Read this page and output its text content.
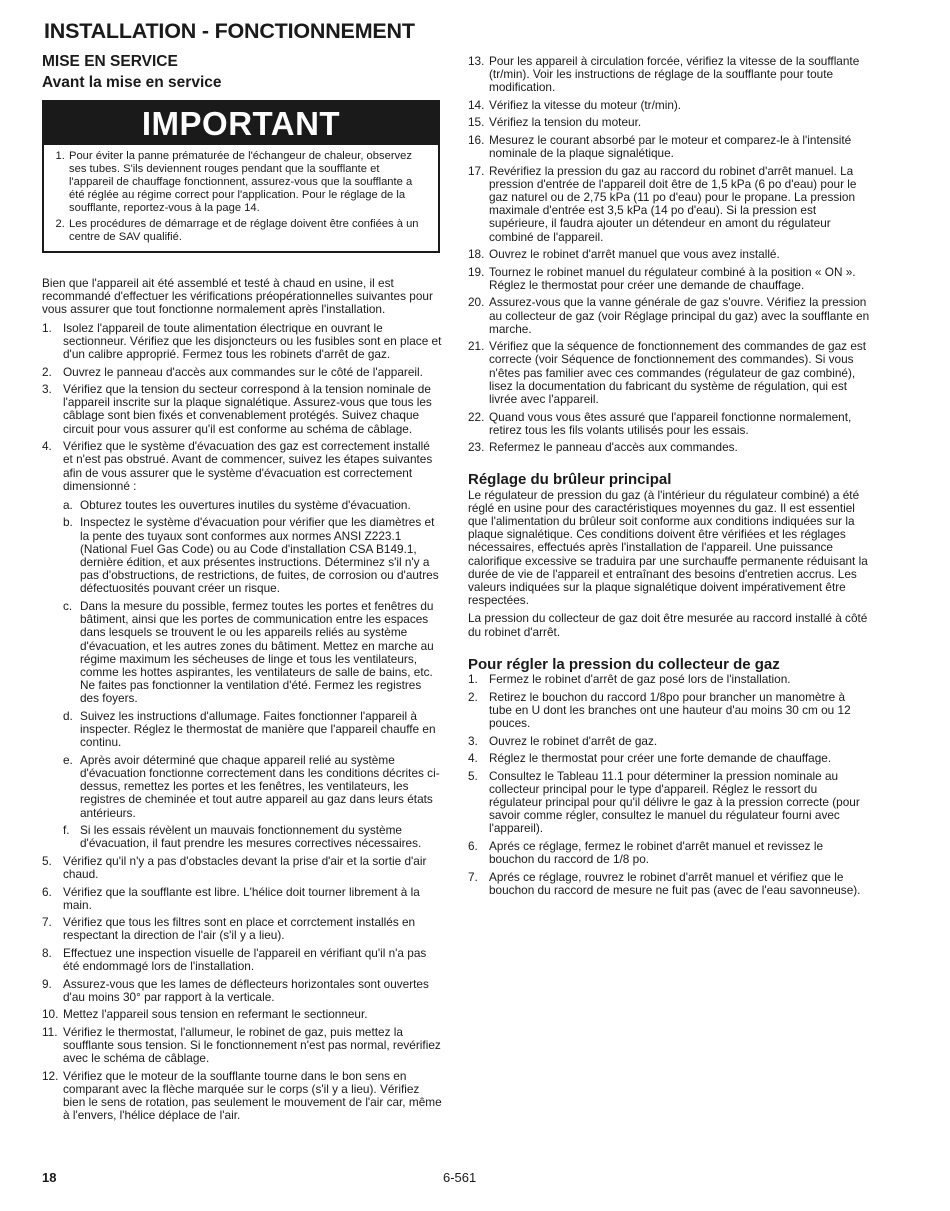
INSTALLATION - FONCTIONNEMENT
MISE EN SERVICE
Avant la mise en service
IMPORTANT
1. Pour éviter la panne prématurée de l'échangeur de chaleur, observez ses tubes. S'ils deviennent rouges pendant que la soufflante et l'appareil de chauffage fonctionnent, assurez-vous que la soufflante a été réglée au régime correct pour l'application. Pour le réglage de la soufflante, reportez-vous à la page 14.
2. Les procédures de démarrage et de réglage doivent être confiées à un centre de SAV qualifié.

Bien que l'appareil ait été assemblé et testé à chaud en usine, il est recommandé d'effectuer les vérifications préopérationnelles suivantes pour vous assurer que tout fonctionne normalement après l'installation.

1. Isolez l'appareil de toute alimentation électrique en ouvrant le sectionneur. Vérifiez que les disjoncteurs ou les fusibles sont en place et d'un calibre approprié. Fermez tous les robinets d'arrêt de gaz.
2. Ouvrez le panneau d'accès aux commandes sur le côté de l'appareil.
3. Vérifiez que la tension du secteur correspond à la tension nominale de l'appareil inscrite sur la plaque signalétique. Assurez-vous que tous les câblage sont bien fixés et convenablement protégés. Suivez chaque circuit pour vous assurer qu'il est conforme au schéma de câblage.
4. Vérifiez que le système d'évacuation des gaz est correctement installé et n'est pas obstrué. Avant de commencer, suivez les étapes suivantes afin de vous assurer que le système d'évacuation est correctement dimensionné :
a. Obturez toutes les ouvertures inutiles du système d'évacuation.
b. Inspectez le système d'évacuation pour vérifier que les diamètres et la pente des tuyaux sont conformes aux normes ANSI Z223.1 (National Fuel Gas Code) ou au Code d'installation CSA B149.1, dernière édition, et aux présentes instructions. Déterminez s'il n'y a pas d'obstructions, de restrictions, de fuites, de corrosion ou d'autres défectuosités pouvant créer un risque.
c. Dans la mesure du possible, fermez toutes les portes et fenêtres du bâtiment, ainsi que les portes de communication entre les espaces dans lesquels se trouvent le ou les appareils reliés au système d'évacuation, et les autres zones du bâtiment. Mettez en marche au régime maximum les sécheuses de linge et tous les ventilateurs, comme les hottes aspirantes, les ventilateurs de salle de bains, etc. Ne faites pas fonctionner la ventilation d'été. Fermez les registres des foyers.
d. Suivez les instructions d'allumage. Faites fonctionner l'appareil à inspecter. Réglez le thermostat de manière que l'appareil chauffe en continu.
e. Après avoir déterminé que chaque appareil relié au système d'évacuation fonctionne correctement dans les conditions décrites ci-dessus, remettez les portes et les fenêtres, les ventilateurs, les registres de cheminée et tout autre appareil au gaz dans leurs états antérieurs.
f. Si les essais révèlent un mauvais fonctionnement du système d'évacuation, il faut prendre les mesures correctives nécessaires.
5. Vérifiez qu'il n'y a pas d'obstacles devant la prise d'air et la sortie d'air chaud.
6. Vérifiez que la soufflante est libre. L'hélice doit tourner librement à la main.
7. Vérifiez que tous les filtres sont en place et corrctement installés en respectant la direction de l'air (s'il y a lieu).
8. Effectuez une inspection visuelle de l'appareil en vérifiant qu'il n'a pas été endommagé lors de l'installation.
9. Assurez-vous que les lames de déflecteurs horizontales sont ouvertes d'au moins 30° par rapport à la verticale.
10. Mettez l'appareil sous tension en refermant le sectionneur.
11. Vérifiez le thermostat, l'allumeur, le robinet de gaz, puis mettez la soufflante sous tension. Si le fonctionnement n'est pas normal, revérifiez avec le schéma de câblage.
12. Vérifiez que le moteur de la soufflante tourne dans le bon sens en comparant avec la flèche marquée sur le corps (s'il y a lieu). Vérifiez bien le sens de rotation, pas seulement le mouvement de l'air car, même à l'envers, l'hélice déplace de l'air.
13. Pour les appareil à circulation forcée, vérifiez la vitesse de la soufflante (tr/min). Voir les instructions de réglage de la soufflante pour toute modification.
14. Vérifiez la vitesse du moteur (tr/min).
15. Vérifiez la tension du moteur.
16. Mesurez le courant absorbé par le moteur et comparez-le à l'intensité nominale de la plaque signalétique.
17. Revérifiez la pression du gaz au raccord du robinet d'arrêt manuel. La pression d'entrée de l'appareil doit être de 1,5 kPa (6 po d'eau) pour le gaz naturel ou de 2,75 kPa (11 po d'eau) pour le propane. La pression maximale d'entrée est 3,5 kPa (14 po d'eau). Si la pression est supérieure, il faudra ajouter un détendeur en amont du régulateur combiné de l'appareil.
18. Ouvrez le robinet d'arrêt manuel que vous avez installé.
19. Tournez le robinet manuel du régulateur combiné à la position « ON ». Réglez le thermostat pour créer une demande de chauffage.
20. Assurez-vous que la vanne générale de gaz s'ouvre. Vérifiez la pression au collecteur de gaz (voir Réglage principal du gaz) avec la soufflante en marche.
21. Vérifiez que la séquence de fonctionnement des commandes de gaz est correcte (voir Séquence de fonctionnement des commandes). Si vous n'êtes pas familier avec ces commandes (régulateur de gaz combiné), lisez la documentation du fabricant du système de régulation, qui est livrée avec l'appareil.
22. Quand vous vous êtes assuré que l'appareil fonctionne normalement, retirez tous les fils volants utilisés pour les essais.
23. Refermez le panneau d'accès aux commandes.
Réglage du brûleur principal

Le régulateur de pression du gaz (à l'intérieur du régulateur combiné) a été réglé en usine pour des caractéristiques moyennes du gaz. Il est essentiel que l'alimentation du brûleur soit conforme aux conditions indiquées sur la plaque signalétique. Ces conditions doivent être vérifiées et les réglages nécessaires, effectués après l'installation de l'appareil. Une puissance calorifique excessive se traduira par une surchauffe permanente réduisant la durée de vie de l'appareil et entraînant des besoins d'entretien accrus. Les valeurs indiquées sur la plaque signalétique doivent impérativement être respectées.

La pression du collecteur de gaz doit être mesurée au raccord installé à côté du robinet d'arrêt.

Pour régler la pression du collecteur de gaz
1. Fermez le robinet d'arrêt de gaz posé lors de l'installation.
2. Retirez le bouchon du raccord 1/8po pour brancher un manomètre à tube en U dont les branches ont une hauteur d'au moins 30 cm ou 12 pouces.
3. Ouvrez le robinet d'arrêt de gaz.
4. Réglez le thermostat pour créer une forte demande de chauffage.
5. Consultez le Tableau 11.1 pour déterminer la pression nominale au collecteur principal pour le type d'appareil. Réglez le ressort du régulateur principal pour qu'il délivre le gaz à la pression correcte (pour savoir comme régler, consultez le manuel du régulateur fourni avec l'appareil).
6. Aprés ce réglage, fermez le robinet d'arrêt manuel et revissez le bouchon du raccord de 1/8 po.
7. Aprés ce réglage, rouvrez le robinet d'arrêt manuel et vérifiez que le bouchon du raccord de mesure ne fuit pas (avec de l'eau savonneuse).
18	6-561
